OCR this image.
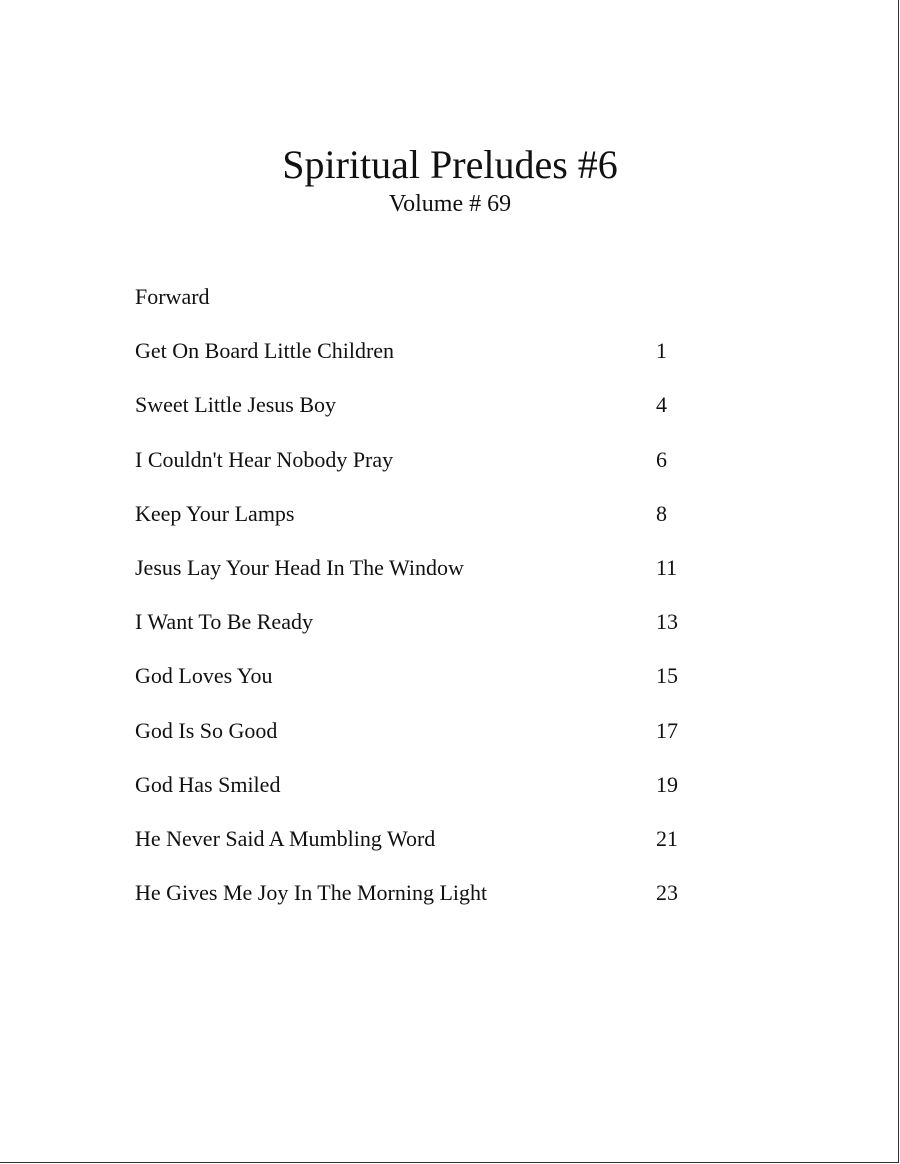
Spiritual Preludes #6
Volume # 69
Forward
Get On Board Little Children	1
Sweet Little Jesus Boy	4
I Couldn't Hear Nobody Pray	6
Keep Your Lamps	8
Jesus Lay Your Head In The Window	11
I Want To Be Ready	13
God Loves You	15
God Is So Good	17
God Has Smiled	19
He Never Said A Mumbling Word	21
He Gives Me Joy In The Morning Light	23
